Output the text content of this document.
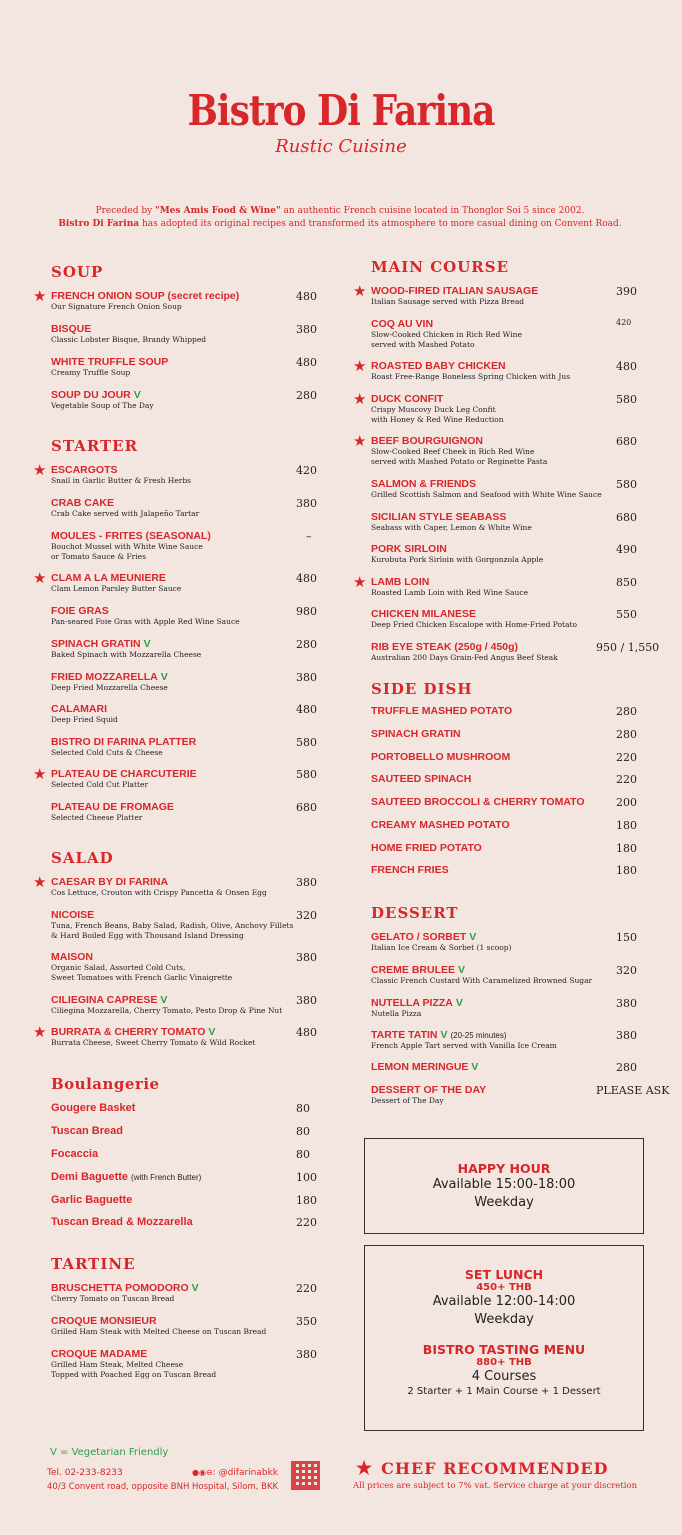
Bistro Di Farina
Rustic Cuisine
Preceded by "Mes Amis Food & Wine" an authentic French cuisine located in Thonglor Soi 5 since 2002.
Bistro Di Farina has adopted its original recipes and transformed its atmosphere to more casual dining on Convent Road.
SOUP
★ FRENCH ONION SOUP (secret recipe)
Our Signature French Onion Soup
480
BISQUE
Classic Lobster Bisque, Brandy Whipped
380
WHITE TRUFFLE SOUP
Creamy Truffle Soup
480
SOUP DU JOUR V
Vegetable Soup of The Day
280
STARTER
★ ESCARGOTS
Snail in Garlic Butter & Fresh Herbs
420
CRAB CAKE
Crab Cake served with Jalapeño Tartar
380
MOULES - FRITES (SEASONAL)
Bouchot Mussel with White Wine Sauce
or Tomato Sauce & Fries
–
★ CLAM A LA MEUNIERE
Clam Lemon Parsley Butter Sauce
480
FOIE GRAS
Pan-seared Foie Gras with Apple Red Wine Sauce
980
SPINACH GRATIN V
Baked Spinach with Mozzarella Cheese
280
FRIED MOZZARELLA V
Deep Fried Mozzarella Cheese
380
CALAMARI
Deep Fried Squid
480
BISTRO DI FARINA PLATTER
Selected Cold Cuts & Cheese
580
★ PLATEAU DE CHARCUTERIE
Selected Cold Cut Platter
580
PLATEAU DE FROMAGE
Selected Cheese Platter
680
SALAD
★ CAESAR BY DI FARINA
Cos Lettuce, Crouton with Crispy Pancetta & Onsen Egg
380
NICOISE
Tuna, French Beans, Baby Salad, Radish, Olive, Anchovy Fillets
& Hard Boiled Egg with Thousand Island Dressing
320
MAISON
Organic Salad, Assorted Cold Cuts,
Sweet Tomatoes with French Garlic Vinaigrette
380
CILIEGINA CAPRESE V
Ciliegina Mozzarella, Cherry Tomato, Pesto Drop & Pine Nut
380
★ BURRATA & CHERRY TOMATO V
Burrata Cheese, Sweet Cherry Tomato & Wild Rocket
480
Boulangerie
Gougere Basket	80
Tuscan Bread	80
Focaccia	80
Demi Baguette (with French Butter)	100
Garlic Baguette	180
Tuscan Bread & Mozzarella	220
TARTINE
BRUSCHETTA POMODORO V
Cherry Tomato on Tuscan Bread
220
CROQUE MONSIEUR
Grilled Ham Steak with Melted Cheese on Tuscan Bread
350
CROQUE MADAME
Grilled Ham Steak, Melted Cheese
Topped with Poached Egg on Tuscan Bread
380
MAIN COURSE
★ WOOD-FIRED ITALIAN SAUSAGE
Italian Sausage served with Pizza Bread
390
COQ AU VIN
Slow-Cooked Chicken in Rich Red Wine
served with Mashed Potato
420
★ ROASTED BABY CHICKEN
Roast Free-Range Boneless Spring Chicken with Jus
480
★ DUCK CONFIT
Crispy Muscovy Duck Leg Confit
with Honey & Red Wine Reduction
580
★ BEEF BOURGUIGNON
Slow-Cooked Beef Cheek in Rich Red Wine
served with Mashed Potato or Reginette Pasta
680
SALMON & FRIENDS
Grilled Scottish Salmon and Seafood with White Wine Sauce
580
SICILIAN STYLE SEABASS
Seabass with Caper, Lemon & White Wine
680
PORK SIRLOIN
Kurobuta Pork Sirloin with Gorgonzola Apple
490
★ LAMB LOIN
Roasted Lamb Loin with Red Wine Sauce
850
CHICKEN MILANESE
Deep Fried Chicken Escalope with Home-Fried Potato
550
RIB EYE STEAK (250g / 450g)
Australian 200 Days Grain-Fed Angus Beef Steak
950 / 1,550
SIDE DISH
TRUFFLE MASHED POTATO	280
SPINACH GRATIN	280
PORTOBELLO MUSHROOM	220
SAUTEED SPINACH	220
SAUTEED BROCCOLI & CHERRY TOMATO	200
CREAMY MASHED POTATO	180
HOME FRIED POTATO	180
FRENCH FRIES	180
DESSERT
GELATO / SORBET V
Italian Ice Cream & Sorbet (1 scoop)
150
CREME BRULEE V
Classic French Custard With Caramelized Browned Sugar
320
NUTELLA PIZZA V
Nutella Pizza
380
TARTE TATIN V (20-25 minutes)
French Apple Tart served with Vanilla Ice Cream
380
LEMON MERINGUE V	280
DESSERT OF THE DAY
Dessert of The Day
PLEASE ASK
HAPPY HOUR
Available 15:00-18:00
Weekday
SET LUNCH
450+ THB
Available 12:00-14:00
Weekday
BISTRO TASTING MENU
880+ THB
4 Courses
2 Starter + 1 Main Course + 1 Dessert
V = Vegetarian Friendly
Tel. 02-233-8233	●◉⊖: @difarinabkk
40/3 Convent road, opposite BNH Hospital, Silom, BKK
★ CHEF RECOMMENDED
All prices are subject to 7% vat. Service charge at your discretion
